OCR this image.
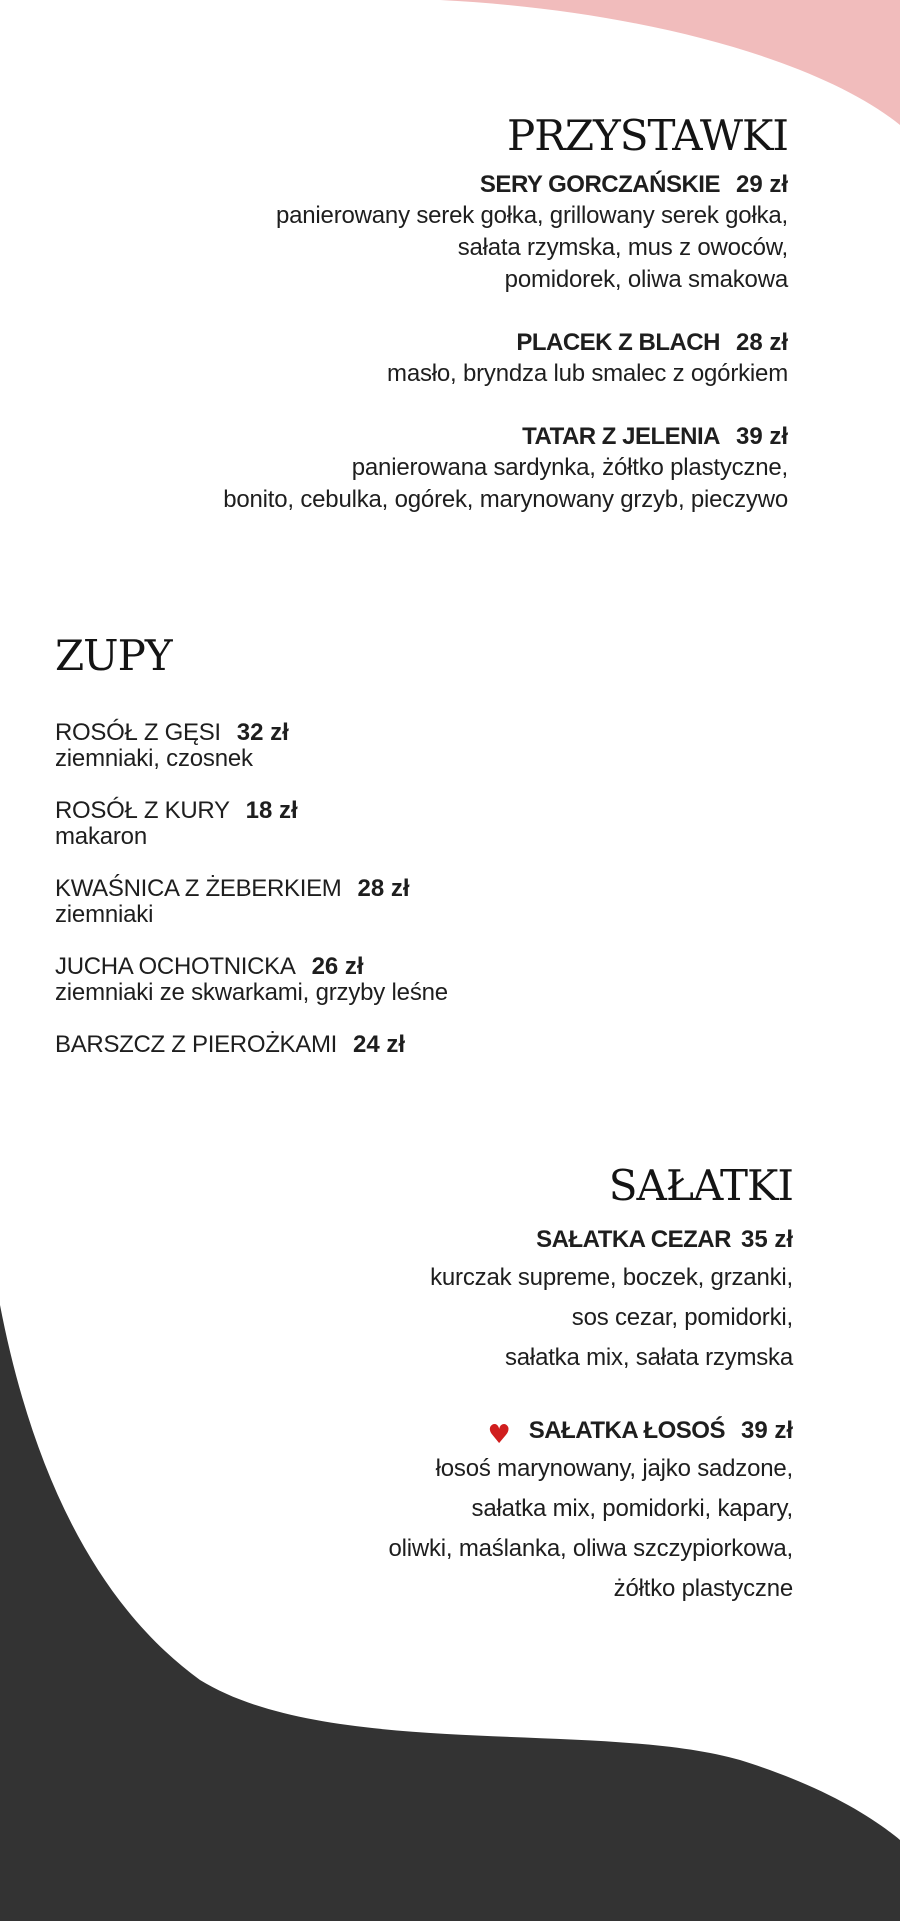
PRZYSTAWKI
SERY GORCZAŃSKIE 29 zł
panierowany serek gołka, grillowany serek gołka,
sałata rzymska, mus z owoców,
pomidorek, oliwa smakowa
PLACEK Z BLACH 28 zł
masło, bryndza lub smalec z ogórkiem
TATAR Z JELENIA 39 zł
panierowana sardynka, żółtko plastyczne,
bonito, cebulka, ogórek, marynowany grzyb, pieczywo
ZUPY
ROSÓŁ Z GĘSI 32 zł
ziemniaki, czosnek
ROSÓŁ Z KURY 18 zł
makaron
KWAŚNICA Z ŻEBERKIEM 28 zł
ziemniaki
JUCHA OCHOTNICKA 26 zł
ziemniaki ze skwarkami, grzyby leśne
BARSZCZ Z PIEROŻKAMI 24 zł
SAŁATKI
SAŁATKA CEZAR 35 zł
kurczak supreme, boczek, grzanki,
sos cezar, pomidorki,
sałatka mix, sałata rzymska
♥ SAŁATKA ŁOSOŚ 39 zł
łosoś marynowany, jajko sadzone,
sałatka mix, pomidorki, kapary,
oliwki, maślanka, oliwa szczypiorkowa,
żółtko plastyczne
